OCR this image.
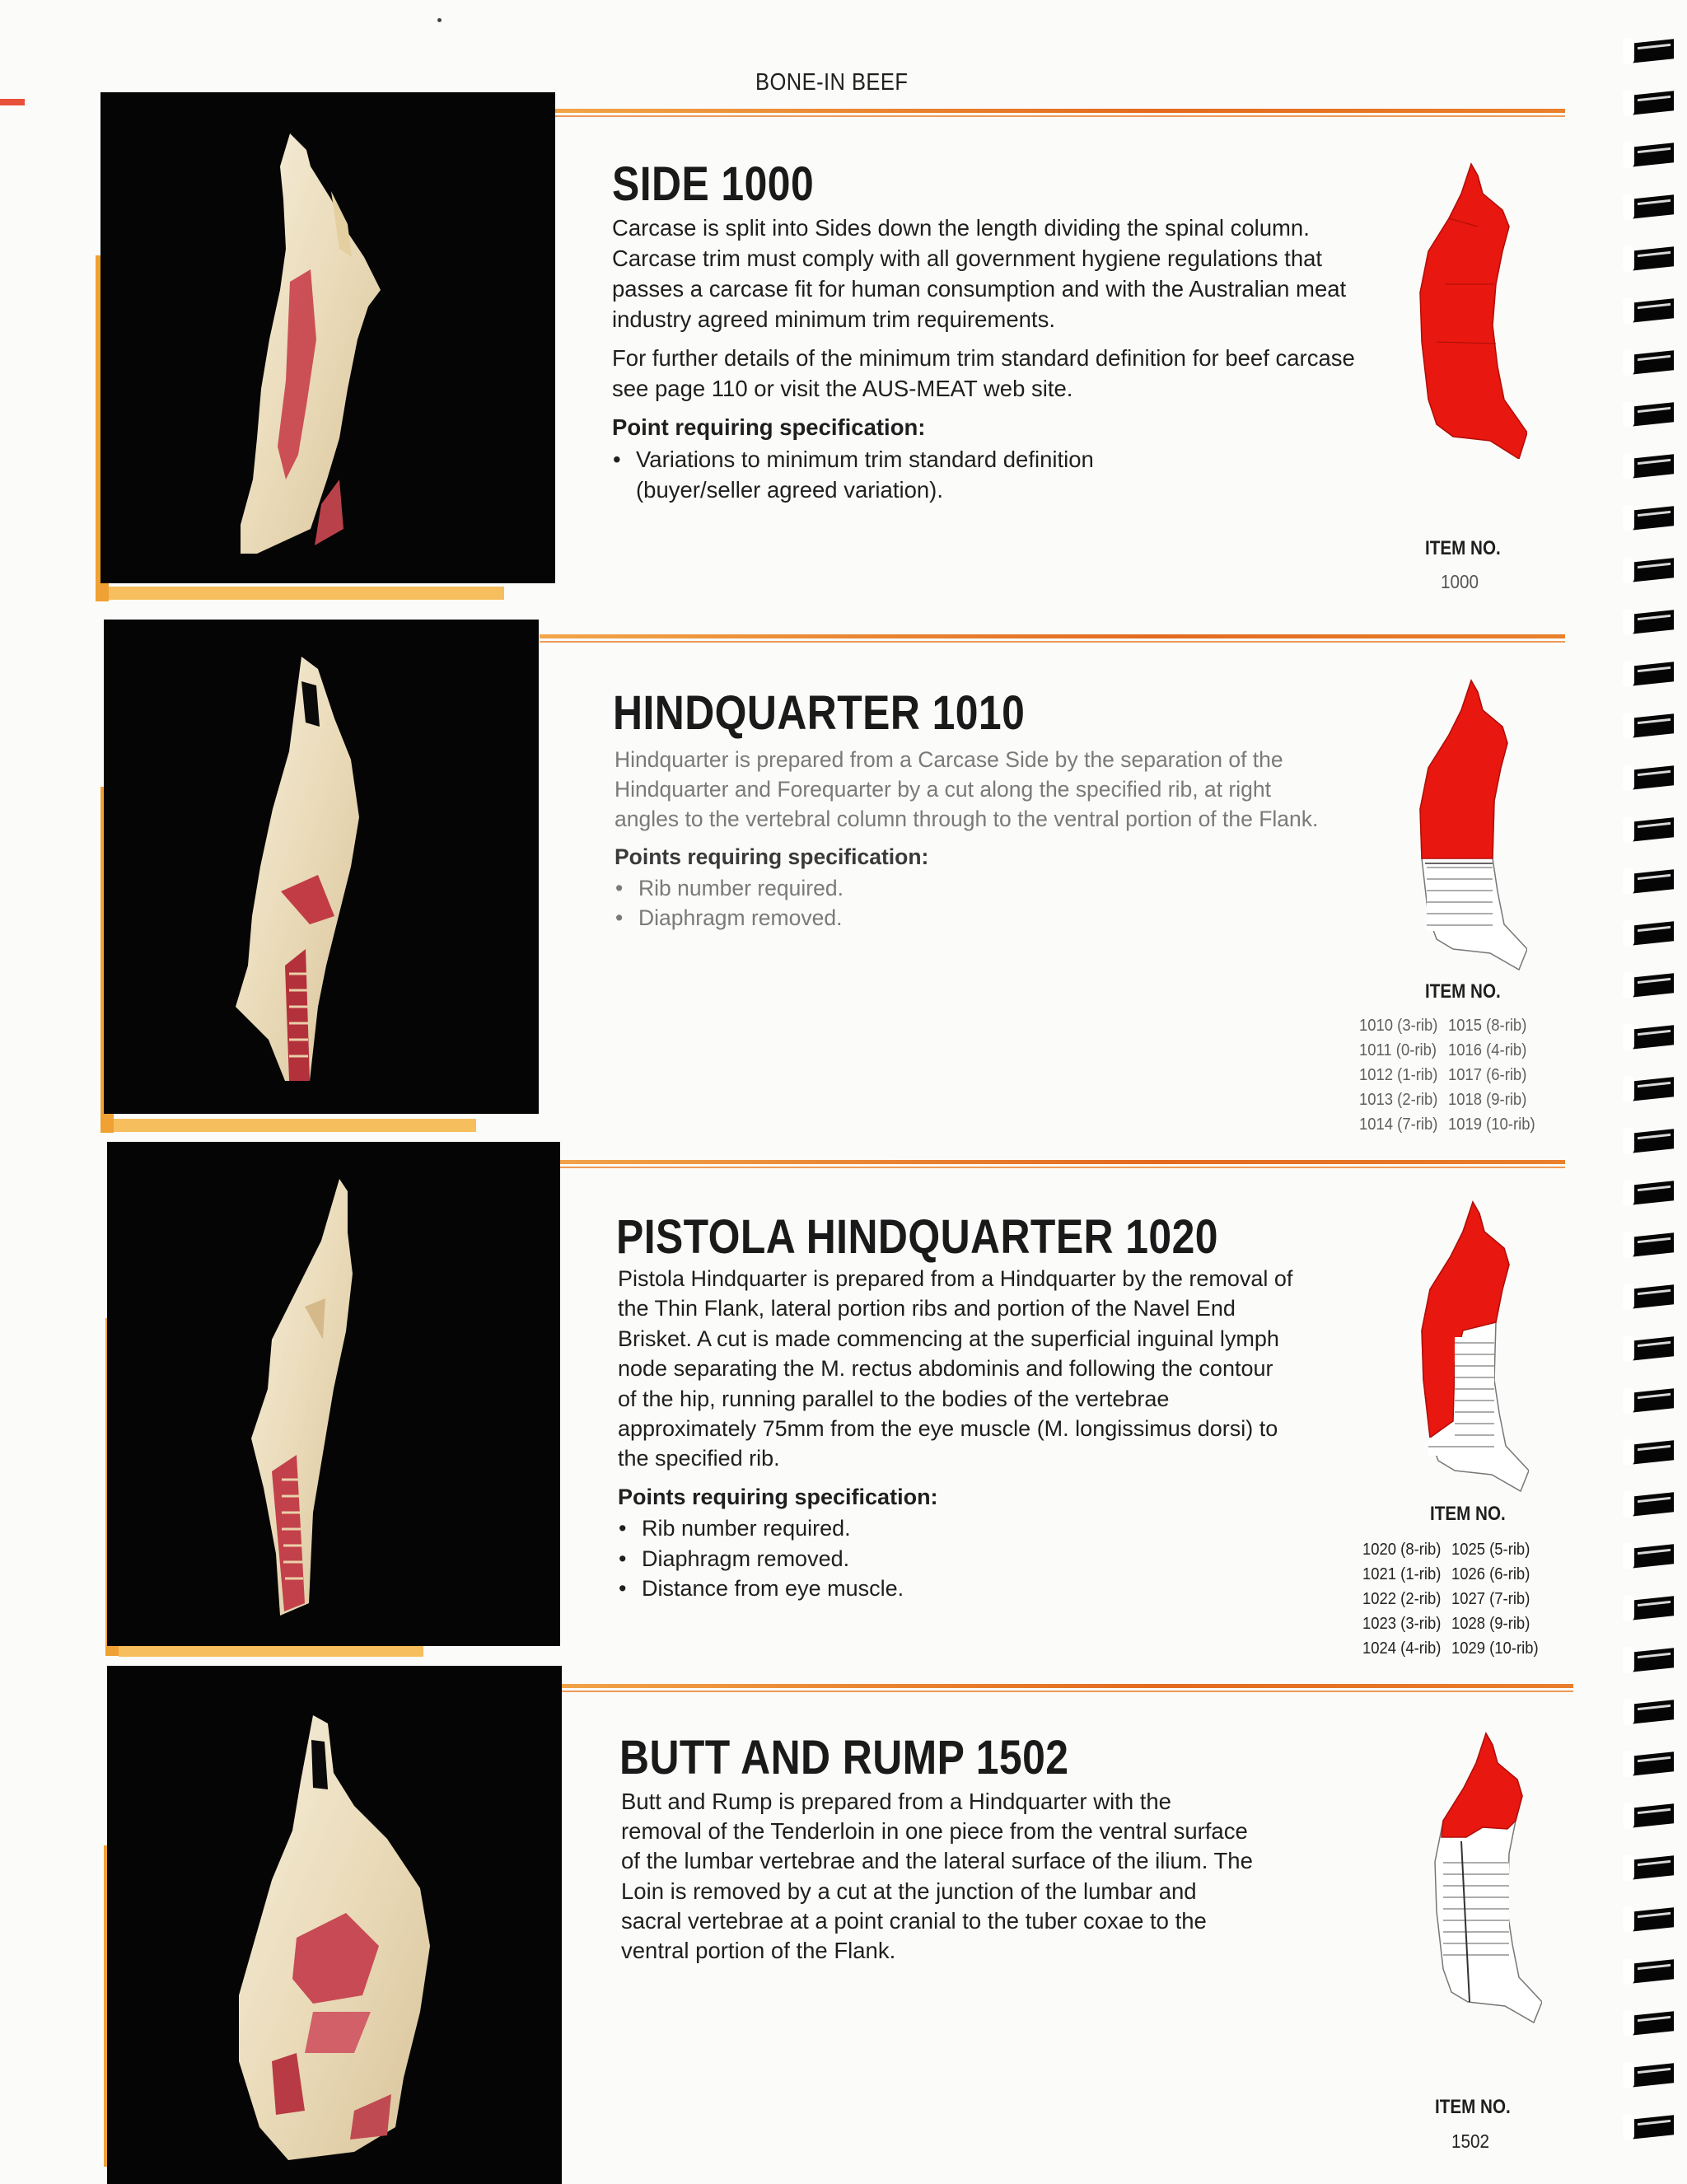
BONE-IN BEEF
SIDE 1000

Carcase is split into Sides down the length dividing the spinal column. Carcase trim must comply with all government hygiene regulations that passes a carcase fit for human consumption and with the Australian meat industry agreed minimum trim requirements.

For further details of the minimum trim standard definition for beef carcase see page 110 or visit the AUS-MEAT web site.

Point requiring specification:
• Variations to minimum trim standard definition (buyer/seller agreed variation).
ITEM NO.
1000
HINDQUARTER 1010

Hindquarter is prepared from a Carcase Side by the separation of the Hindquarter and Forequarter by a cut along the specified rib, at right angles to the vertebral column through to the ventral portion of the Flank.

Points requiring specification:
• Rib number required.
• Diaphragm removed.
ITEM NO.
1010 (3-rib) 1015 (8-rib)
1011 (0-rib) 1016 (4-rib)
1012 (1-rib) 1017 (6-rib)
1013 (2-rib) 1018 (9-rib)
1014 (7-rib) 1019 (10-rib)
PISTOLA HINDQUARTER 1020

Pistola Hindquarter is prepared from a Hindquarter by the removal of the Thin Flank, lateral portion ribs and portion of the Navel End Brisket. A cut is made commencing at the superficial inguinal lymph node separating the M. rectus abdominis and following the contour of the hip, running parallel to the bodies of the vertebrae approximately 75mm from the eye muscle (M. longissimus dorsi) to the specified rib.

Points requiring specification:
• Rib number required.
• Diaphragm removed.
• Distance from eye muscle.
ITEM NO.
1020 (8-rib) 1025 (5-rib)
1021 (1-rib) 1026 (6-rib)
1022 (2-rib) 1027 (7-rib)
1023 (3-rib) 1028 (9-rib)
1024 (4-rib) 1029 (10-rib)
BUTT AND RUMP 1502

Butt and Rump is prepared from a Hindquarter with the removal of the Tenderloin in one piece from the ventral surface of the lumbar vertebrae and the lateral surface of the ilium. The Loin is removed by a cut at the junction of the lumbar and sacral vertebrae at a point cranial to the tuber coxae to the ventral portion of the Flank.

ITEM NO.
1502
